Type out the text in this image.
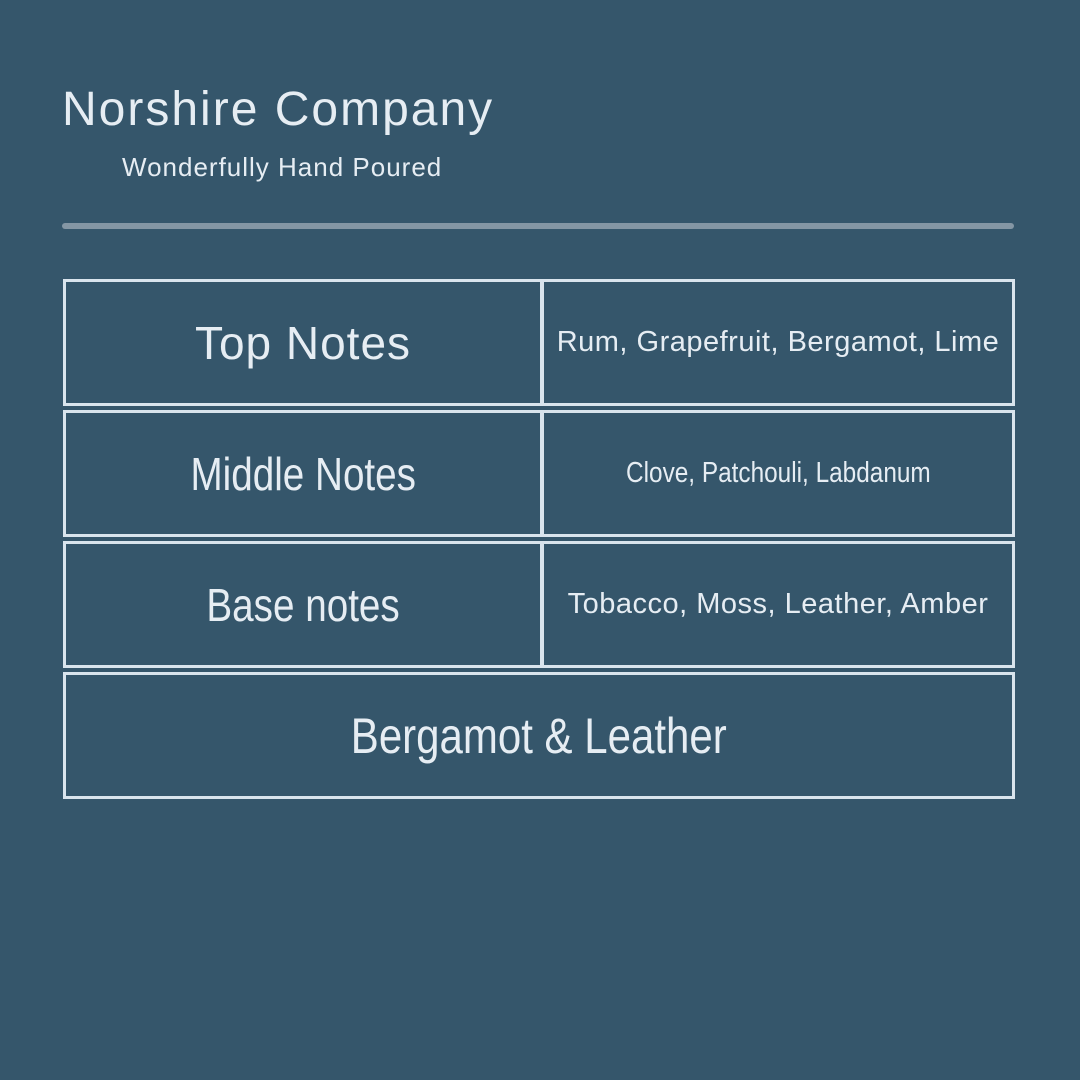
Norshire Company

Wonderfully Hand Poured

Top Notes	Rum, Grapefruit, Bergamot, Lime
Middle Notes	Clove, Patchouli, Labdanum
Base notes	Tobacco, Moss, Leather, Amber
Bergamot & Leather
